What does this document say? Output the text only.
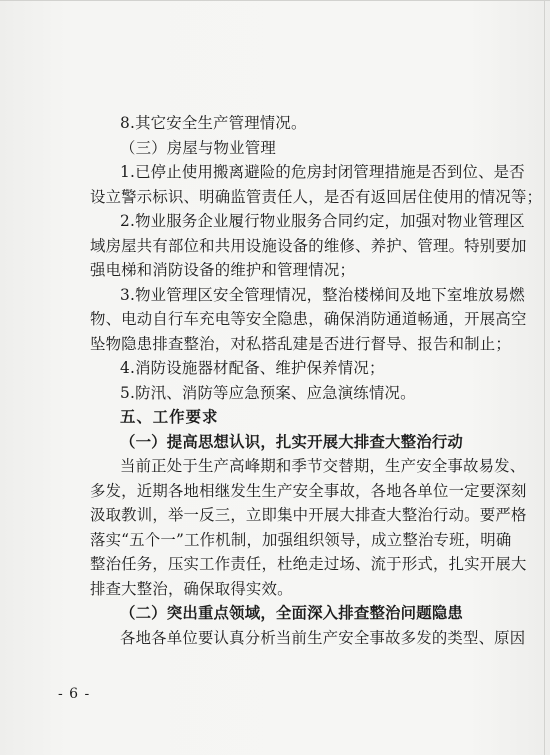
8.其它安全生产管理情况。
（三）房屋与物业管理
1.已停止使用搬离避险的危房封闭管理措施是否到位、是否
设立警示标识、明确监管责任人，是否有返回居住使用的情况等；
2.物业服务企业履行物业服务合同约定，加强对物业管理区
域房屋共有部位和共用设施设备的维修、养护、管理。特别要加
强电梯和消防设备的维护和管理情况；
3.物业管理区安全管理情况，整治楼梯间及地下室堆放易燃
物、电动自行车充电等安全隐患，确保消防通道畅通，开展高空
坠物隐患排查整治，对私搭乱建是否进行督导、报告和制止；
4.消防设施器材配备、维护保养情况；
5.防汛、消防等应急预案、应急演练情况。
五、工作要求
（一）提高思想认识，扎实开展大排查大整治行动
当前正处于生产高峰期和季节交替期，生产安全事故易发、
多发，近期各地相继发生生产安全事故，各地各单位一定要深刻
汲取教训，举一反三，立即集中开展大排查大整治行动。要严格
落实“五个一”工作机制，加强组织领导，成立整治专班，明确
整治任务，压实工作责任，杜绝走过场、流于形式，扎实开展大
排查大整治，确保取得实效。
（二）突出重点领域，全面深入排查整治问题隐患
各地各单位要认真分析当前生产安全事故多发的类型、原因
- 6 -
